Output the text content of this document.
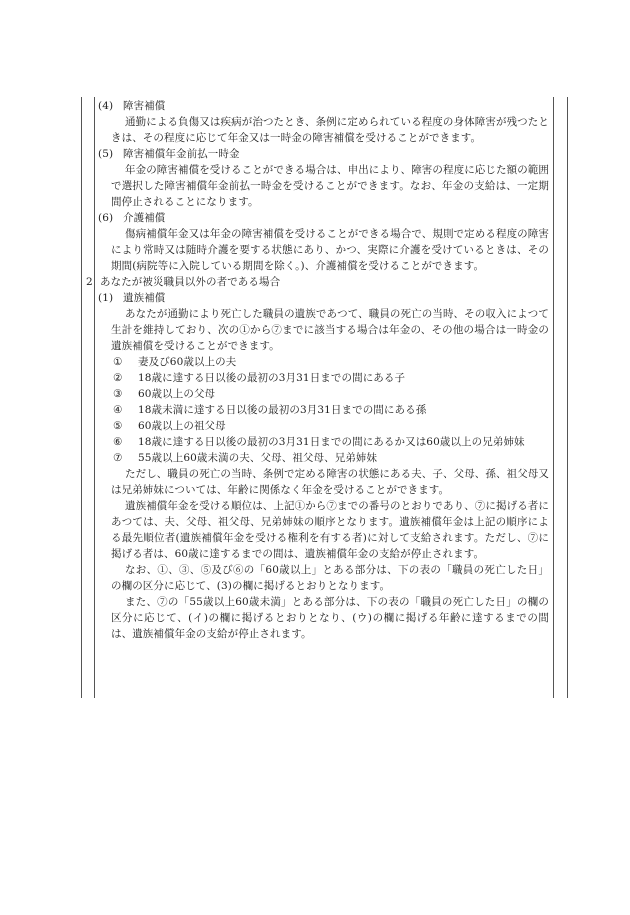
(4) 障害補償
通勤による負傷又は疾病が治つたとき、条例に定められている程度の身体障害が残つたときは、その程度に応じて年金又は一時金の障害補償を受けることができます。
(5) 障害補償年金前払一時金
年金の障害補償を受けることができる場合は、申出により、障害の程度に応じた額の範囲で選択した障害補償年金前払一時金を受けることができます。なお、年金の支給は、一定期間停止されることになります。
(6) 介護補償
傷病補償年金又は年金の障害補償を受けることができる場合で、規則で定める程度の障害により常時又は随時介護を要する状態にあり、かつ、実際に介護を受けているときは、その期間(病院等に入院している期間を除く。)、介護補償を受けることができます。
2 あなたが被災職員以外の者である場合
(1) 遺族補償
あなたが通勤により死亡した職員の遺族であつて、職員の死亡の当時、その収入によつて生計を維持しており、次の①から⑦までに該当する場合は年金の、その他の場合は一時金の遺族補償を受けることができます。
① 妻及び60歳以上の夫
② 18歳に達する日以後の最初の3月31日までの間にある子
③ 60歳以上の父母
④ 18歳未満に達する日以後の最初の3月31日までの間にある孫
⑤ 60歳以上の祖父母
⑥ 18歳に達する日以後の最初の3月31日までの間にあるか又は60歳以上の兄弟姉妹
⑦ 55歳以上60歳未満の夫、父母、祖父母、兄弟姉妹
ただし、職員の死亡の当時、条例で定める障害の状態にある夫、子、父母、孫、祖父母又は兄弟姉妹については、年齢に関係なく年金を受けることができます。
遺族補償年金を受ける順位は、上記①から⑦までの番号のとおりであり、⑦に掲げる者にあつては、夫、父母、祖父母、兄弟姉妹の順序となります。遺族補償年金は上記の順序による最先順位者(遺族補償年金を受ける権利を有する者)に対して支給されます。ただし、⑦に掲げる者は、60歳に達するまでの間は、遺族補償年金の支給が停止されます。
なお、①、③、⑤及び⑥の「60歳以上」とある部分は、下の表の「職員の死亡した日」の欄の区分に応じて、(3)の欄に掲げるとおりとなります。
また、⑦の「55歳以上60歳未満」とある部分は、下の表の「職員の死亡した日」の欄の区分に応じて、(イ)の欄に掲げるとおりとなり、(ウ)の欄に掲げる年齢に達するまでの間は、遺族補償年金の支給が停止されます。
